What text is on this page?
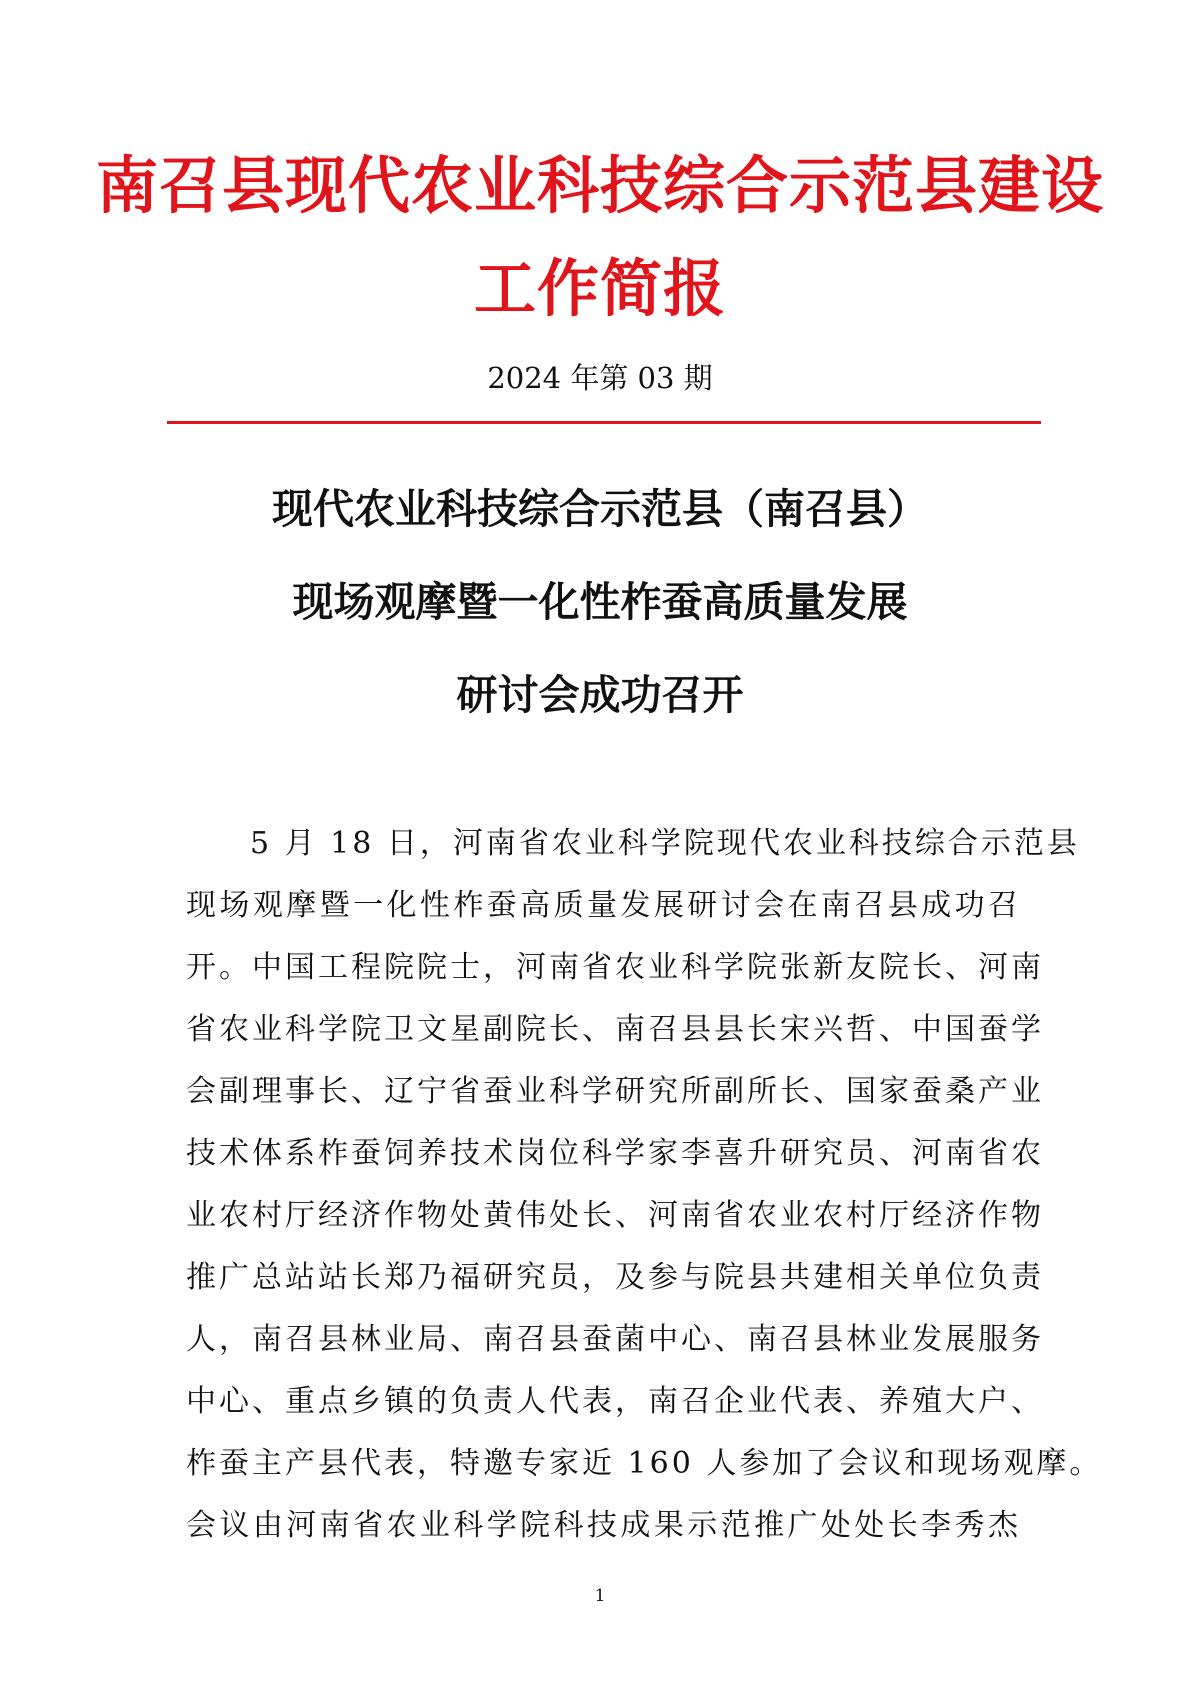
南召县现代农业科技综合示范县建设
工作简报
2024 年第 03 期
现代农业科技综合示范县（南召县）
现场观摩暨一化性柞蚕高质量发展
研讨会成功召开
5 月 18 日，河南省农业科学院现代农业科技综合示范县
现场观摩暨一化性柞蚕高质量发展研讨会在南召县成功召
开。中国工程院院士，河南省农业科学院张新友院长、河南
省农业科学院卫文星副院长、南召县县长宋兴哲、中国蚕学
会副理事长、辽宁省蚕业科学研究所副所长、国家蚕桑产业
技术体系柞蚕饲养技术岗位科学家李喜升研究员、河南省农
业农村厅经济作物处黄伟处长、河南省农业农村厅经济作物
推广总站站长郑乃福研究员，及参与院县共建相关单位负责
人，南召县林业局、南召县蚕菌中心、南召县林业发展服务
中心、重点乡镇的负责人代表，南召企业代表、养殖大户、
柞蚕主产县代表，特邀专家近 160 人参加了会议和现场观摩。
会议由河南省农业科学院科技成果示范推广处处长李秀杰
1
